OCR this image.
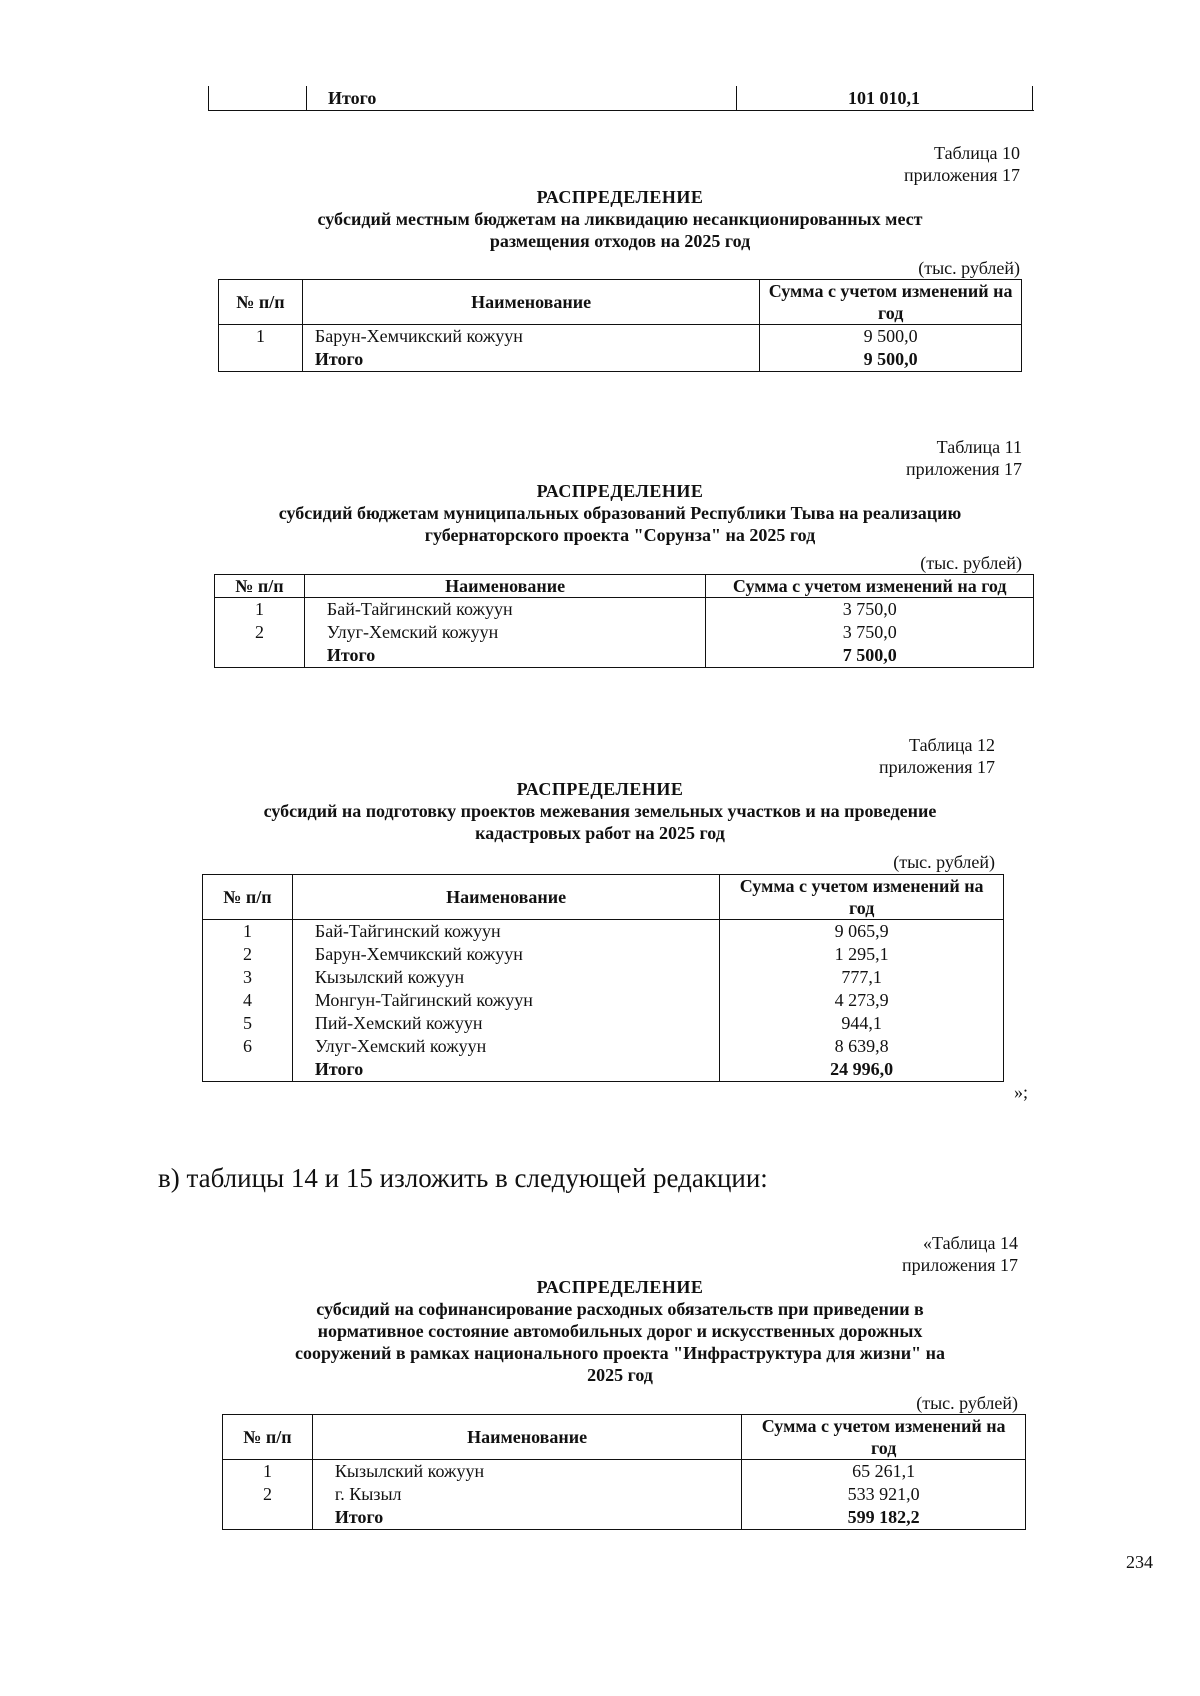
Итого	101 010,1
Таблица 10
приложения 17
РАСПРЕДЕЛЕНИЕ
субсидий местным бюджетам на ликвидацию несанкционированных мест
размещения отходов на 2025 год
(тыс. рублей)
№ п/п	Наименование	Сумма с учетом изменений на год
1	Барун-Хемчикский кожуун	9 500,0
	Итого	9 500,0
Таблица 11
приложения 17
РАСПРЕДЕЛЕНИЕ
субсидий бюджетам муниципальных образований Республики Тыва на реализацию
губернаторского проекта "Сорунза" на 2025 год
(тыс. рублей)
№ п/п	Наименование	Сумма с учетом изменений на год
1	Бай-Тайгинский кожуун	3 750,0
2	Улуг-Хемский кожуун	3 750,0
	Итого	7 500,0
Таблица 12
приложения 17
РАСПРЕДЕЛЕНИЕ
субсидий на подготовку проектов межевания земельных участков и на проведение
кадастровых работ на 2025 год
(тыс. рублей)
№ п/п	Наименование	Сумма с учетом изменений на год
1	Бай-Тайгинский кожуун	9 065,9
2	Барун-Хемчикский кожуун	1 295,1
3	Кызылский кожуун	777,1
4	Монгун-Тайгинский кожуун	4 273,9
5	Пий-Хемский кожуун	944,1
6	Улуг-Хемский кожуун	8 639,8
	Итого	24 996,0
»;
в) таблицы 14 и 15 изложить в следующей редакции:
«Таблица 14
приложения 17
РАСПРЕДЕЛЕНИЕ
субсидий на софинансирование расходных обязательств при приведении в
нормативное состояние автомобильных дорог и искусственных дорожных
сооружений в рамках национального проекта "Инфраструктура для жизни" на
2025 год
(тыс. рублей)
№ п/п	Наименование	Сумма с учетом изменений на год
1	Кызылский кожуун	65 261,1
2	г. Кызыл	533 921,0
	Итого	599 182,2
234
